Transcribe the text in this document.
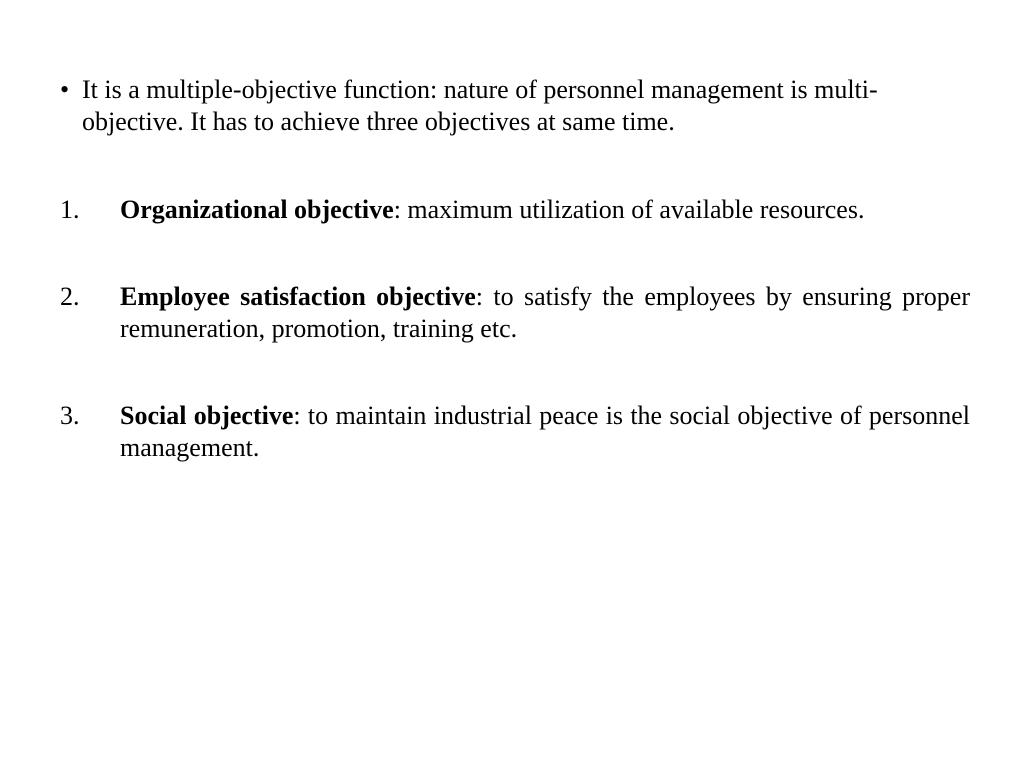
• It is a multiple-objective function: nature of personnel management is multi-objective. It has to achieve three objectives at same time.
1. Organizational objective: maximum utilization of available resources.
2. Employee satisfaction objective: to satisfy the employees by ensuring proper remuneration, promotion, training etc.
3. Social objective: to maintain industrial peace is the social objective of personnel management.
